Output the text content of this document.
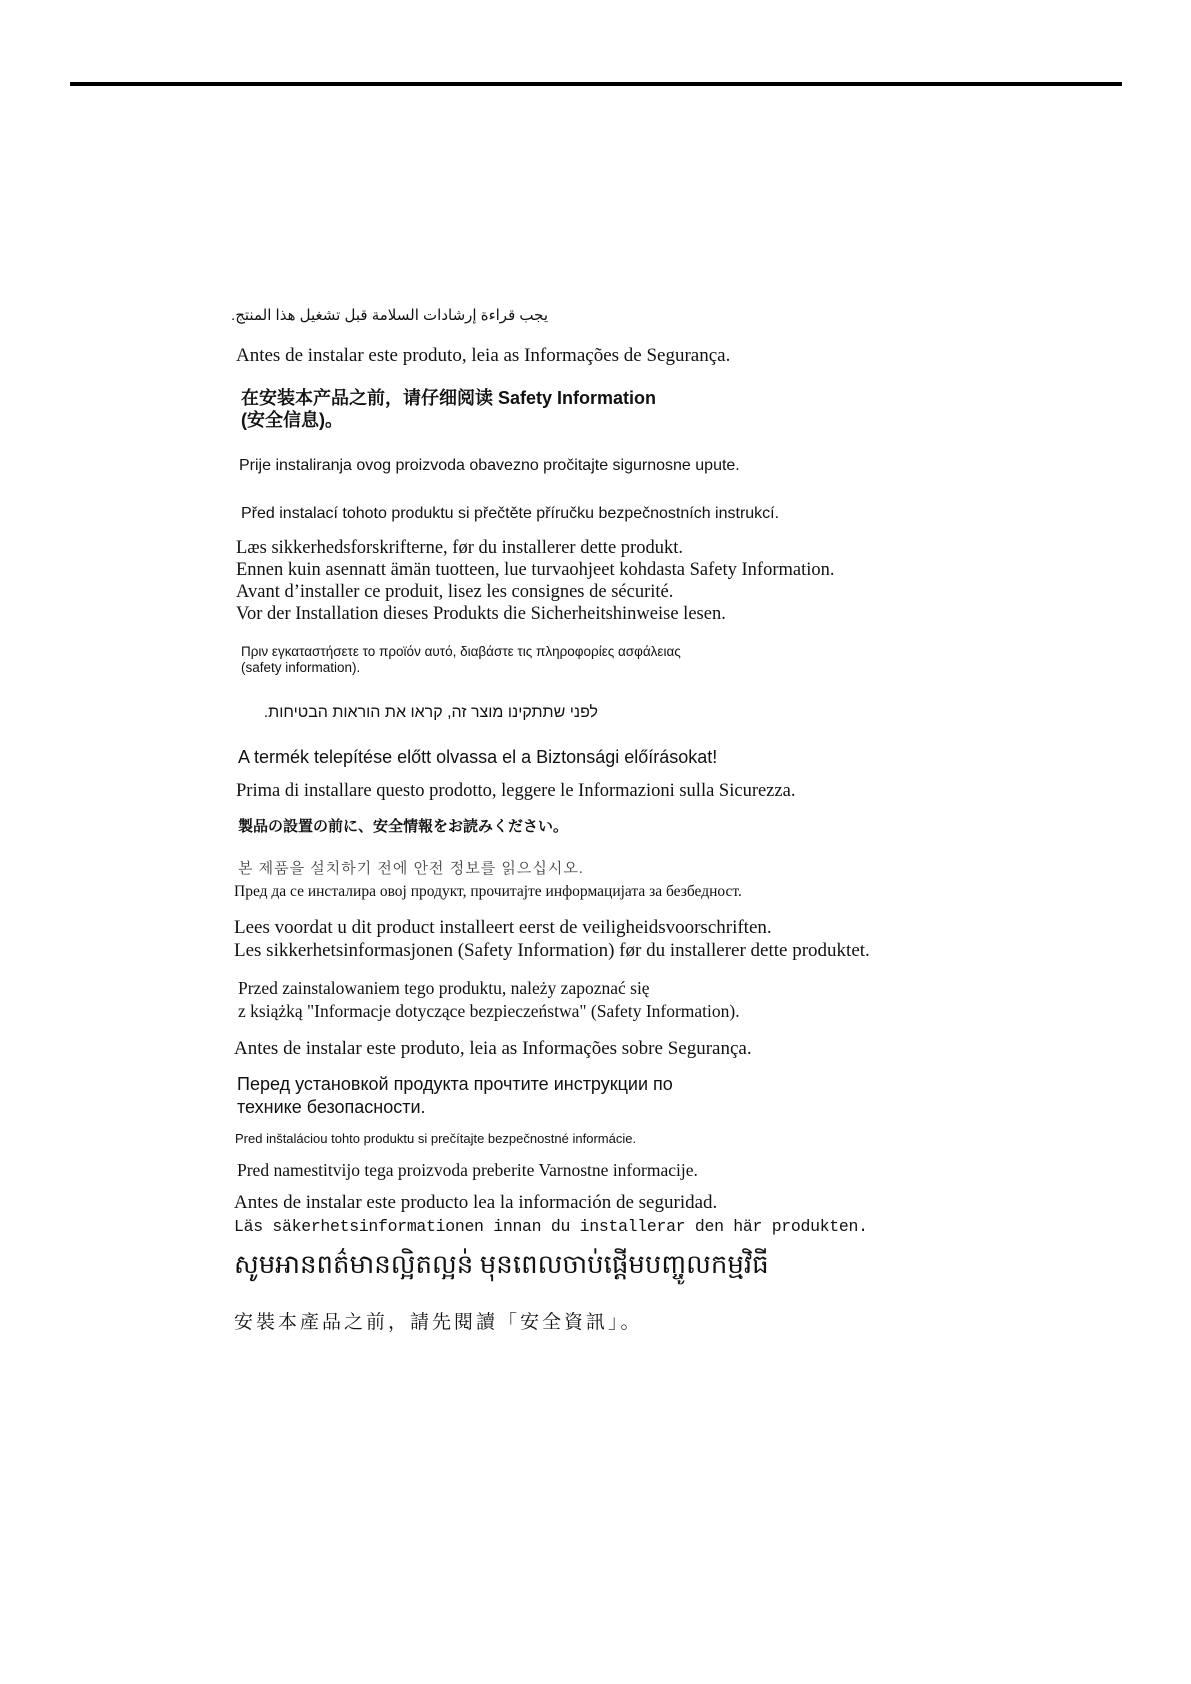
يجب قراءة إرشادات السلامة قبل تشغيل هذا المنتج.
Antes de instalar este produto, leia as Informações de Segurança.
在安装本产品之前，请仔细阅读 Safety Information
(安全信息)。
Prije instaliranja ovog proizvoda obavezno pročitajte sigurnosne upute.
Před instalací tohoto produktu si přečtěte příručku bezpečnostních instrukcí.
Læs sikkerhedsforskrifterne, før du installerer dette produkt.
Ennen kuin asennatt ämän tuotteen, lue turvaohjeet kohdasta Safety Information.
Avant d’installer ce produit, lisez les consignes de sécurité.
Vor der Installation dieses Produkts die Sicherheitshinweise lesen.
Πριν εγκαταστήσετε το προϊόν αυτό, διαβάστε τις πληροφορίες ασφάλειας
(safety information).
לפני שתתקינו מוצר זה, קראו את הוראות הבטיחות.
A termék telepítése előtt olvassa el a Biztonsági előírásokat!
Prima di installare questo prodotto, leggere le Informazioni sulla Sicurezza.
製品の設置の前に、安全情報をお読みください。
본 제품을 설치하기 전에 안전 정보를 읽으십시오.
Пред да се инсталира овој продукт, прочитајте информацијата за безбедност.
Lees voordat u dit product installeert eerst de veiligheidsvoorschriften.
Les sikkerhetsinformasjonen (Safety Information) før du installerer dette produktet.
Przed zainstalowaniem tego produktu, należy zapoznać się
z książką "Informacje dotyczące bezpieczeństwa" (Safety Information).
Antes de instalar este produto, leia as Informações sobre Segurança.
Перед установкой продукта прочтите инструкции по
технике безопасности.
Pred inštaláciou tohto produktu si prečítajte bezpečnostné informácie.
Pred namestitvijo tega proizvoda preberite Varnostne informacije.
Antes de instalar este producto lea la información de seguridad.
Läs säkerhetsinformationen innan du installerar den här produkten.
សូមអានពត៌មានល្អិតល្អន់ មុនពេលចាប់ផ្តើមបញ្ចូលកម្មវិធី
安裝本產品之前，請先閱讀「安全資訊」。
